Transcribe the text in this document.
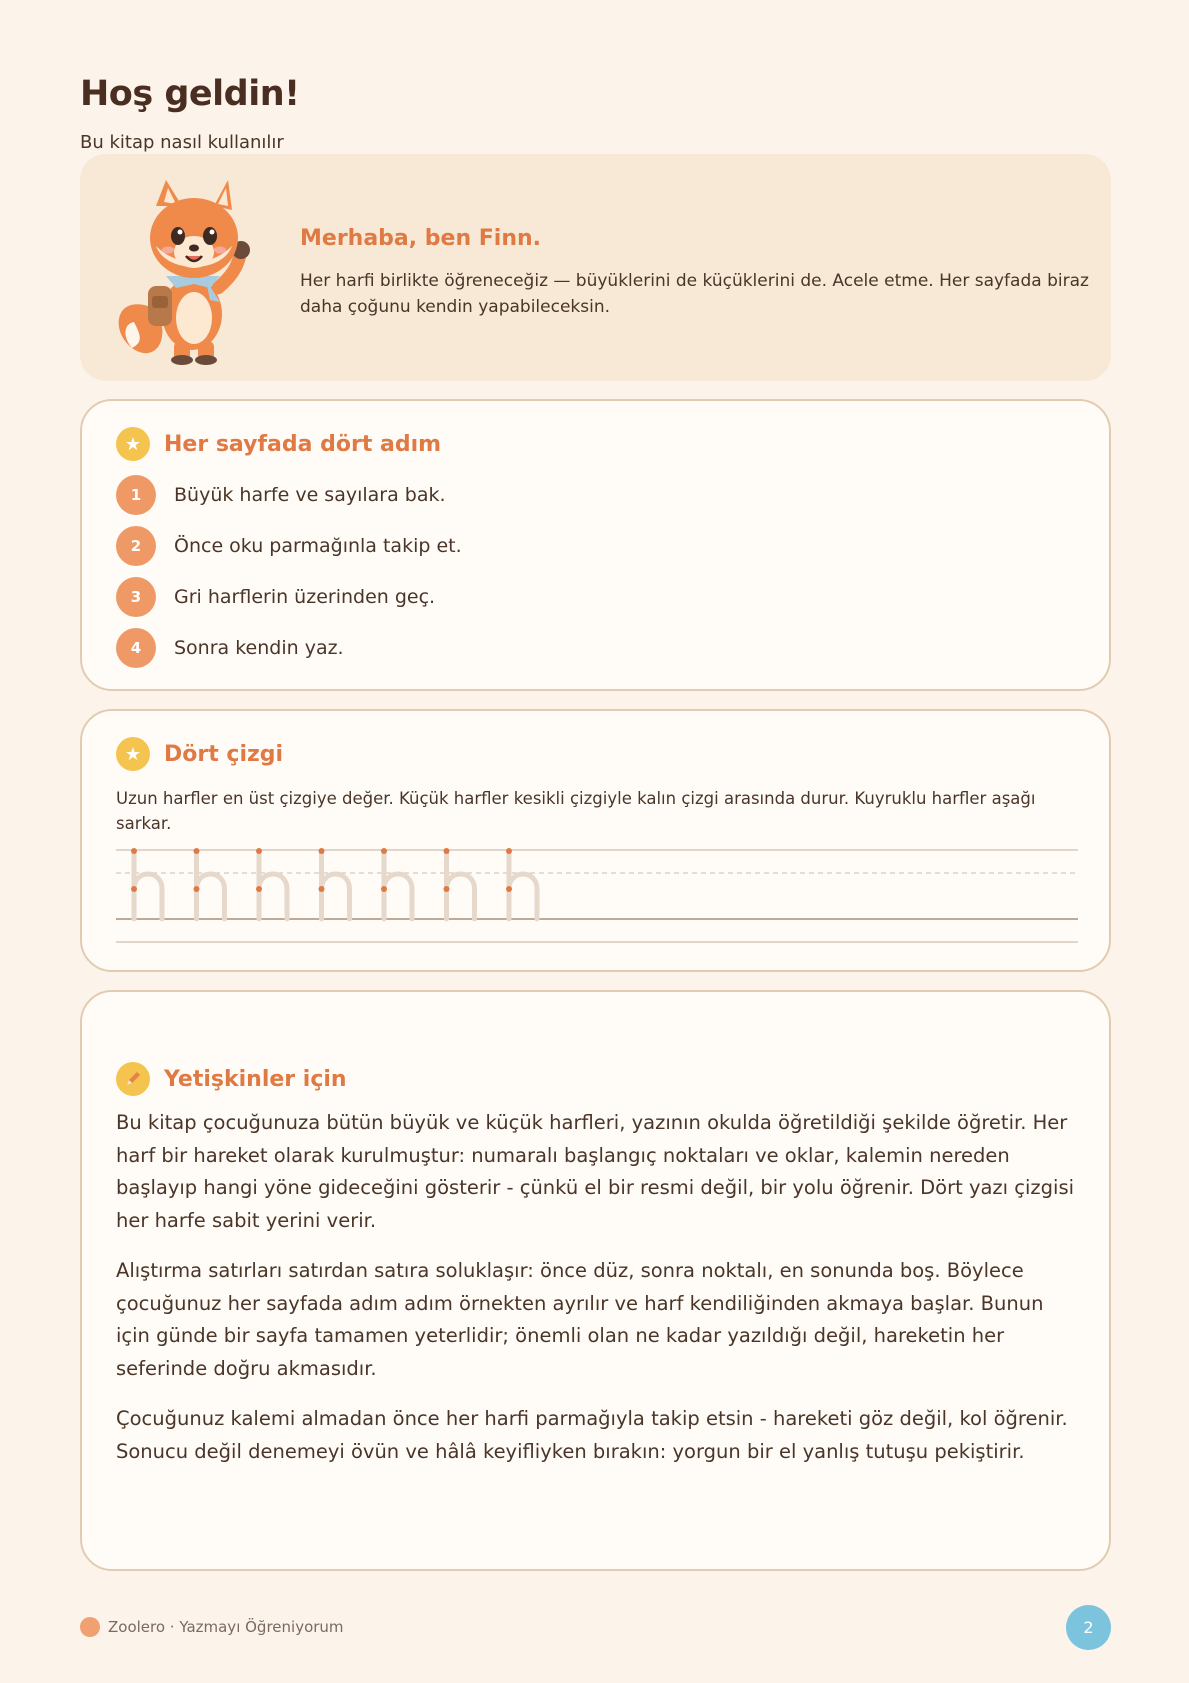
Hoş geldin!
Bu kitap nasıl kullanılır
Merhaba, ben Finn.

Her harfi birlikte öğreneceğiz — büyüklerini de küçüklerini de. Acele etme. Her sayfada biraz daha çoğunu kendin yapabileceksin.

★	Her sayfada dört adım
1	Büyük harfe ve sayılara bak.
2	Önce oku parmağınla takip et.
3	Gri harflerin üzerinden geç.
4	Sonra kendin yaz.
★	Dört çizgi

Uzun harfler en üst çizgiye değer. Küçük harfler kesikli çizgiyle kalın çizgi arasında durur. Kuyruklu harfler aşağı sarkar.

Yetişkinler için

Bu kitap çocuğunuza bütün büyük ve küçük harfleri, yazının okulda öğretildiği şekilde öğretir. Her harf bir hareket olarak kurulmuştur: numaralı başlangıç noktaları ve oklar, kalemin nereden başlayıp hangi yöne gideceğini gösterir - çünkü el bir resmi değil, bir yolu öğrenir. Dört yazı çizgisi her harfe sabit yerini verir.

Alıştırma satırları satırdan satıra soluklaşır: önce düz, sonra noktalı, en sonunda boş. Böylece çocuğunuz her sayfada adım adım örnekten ayrılır ve harf kendiliğinden akmaya başlar. Bunun için günde bir sayfa tamamen yeterlidir; önemli olan ne kadar yazıldığı değil, hareketin her seferinde doğru akmasıdır.

Çocuğunuz kalemi almadan önce her harfi parmağıyla takip etsin - hareketi göz değil, kol öğrenir. Sonucu değil denemeyi övün ve hâlâ keyifliyken bırakın: yorgun bir el yanlış tutuşu pekiştirir.

Zoolero · Yazmayı Öğreniyorum	2
